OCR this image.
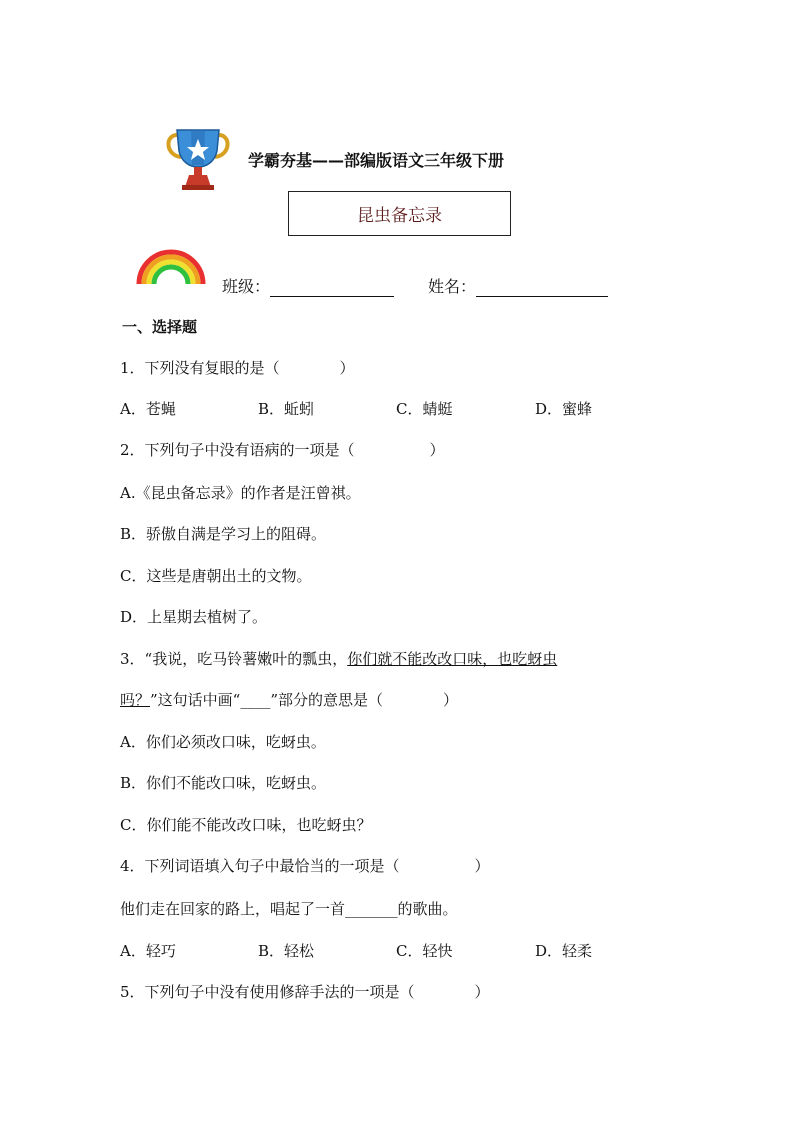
学霸夯基——部编版语文三年级下册
昆虫备忘录
班级：	姓名：
一、选择题
1．下列没有复眼的是（　　　　）
A．苍蝇	B．蚯蚓	C．蜻蜓	D．蜜蜂
2．下列句子中没有语病的一项是（　　　　　）
A.《昆虫备忘录》的作者是汪曾祺。
B．骄傲自满是学习上的阻碍。
C．这些是唐朝出土的文物。
D．上星期去植树了。
3．“我说，吃马铃薯嫩叶的瓢虫，你们就不能改改口味，也吃蚜虫
吗？”这句话中画“____”部分的意思是（　　　　）
A．你们必须改口味，吃蚜虫。
B．你们不能改口味，吃蚜虫。
C．你们能不能改改口味，也吃蚜虫？
4．下列词语填入句子中最恰当的一项是（　　　　　）
他们走在回家的路上，唱起了一首_______的歌曲。
A．轻巧	B．轻松	C．轻快	D．轻柔
5．下列句子中没有使用修辞手法的一项是（　　　　）
